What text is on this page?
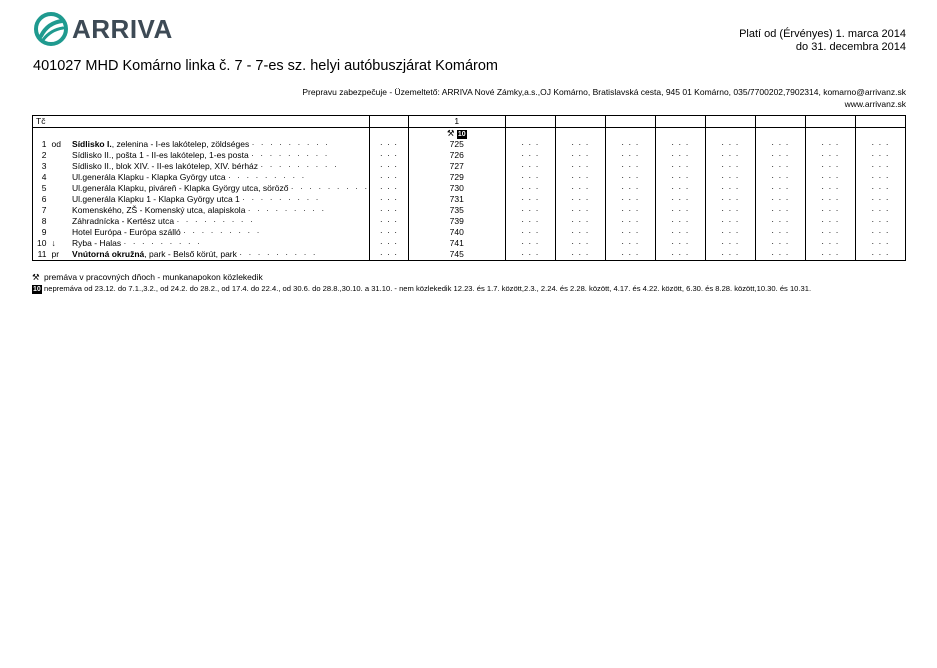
ARRIVA	Platí od (Érvényes) 1. marca 2014
do 31. decembra 2014
401027 MHD Komárno linka č. 7 - 7-es sz. helyi autóbuszjárat Komárom
Prepravu zabezpečuje - Üzemeltető: ARRIVA Nové Zámky,a.s.,OJ Komárno, Bratislavská cesta, 945 01 Komárno, 035/7700202,7902314, komarno@arrivanz.sk
www.arrivanz.sk
Tč				1								
				⚒ 10								
1	od	Sídlisko I., zelenina - I-es lakótelep, zöldséges · · · · · · · · ·	· · ·	725	· · ·	· · ·	· · ·	· · ·	· · ·	· · ·	· · ·	· · ·
2		Sídlisko II., pošta 1 - II-es lakótelep, 1-es posta · · · · · · · · ·	· · ·	726	· · ·	· · ·	· · ·	· · ·	· · ·	· · ·	· · ·	· · ·
3		Sídlisko II., blok XIV. - II-es lakótelep, XIV. bérház · · · · · · · · ·	· · ·	727	· · ·	· · ·	· · ·	· · ·	· · ·	· · ·	· · ·	· · ·
4		Ul.generála Klapku - Klapka György utca · · · · · · · · ·	· · ·	729	· · ·	· · ·	· · ·	· · ·	· · ·	· · ·	· · ·	· · ·
5		Ul.generála Klapku, piváreň - Klapka György utca, söröző · · · · · · · · ·	· · ·	730	· · ·	· · ·	· · ·	· · ·	· · ·	· · ·	· · ·	· · ·
6		Ul.generála Klapku 1 - Klapka György utca 1 · · · · · · · · ·	· · ·	731	· · ·	· · ·	· · ·	· · ·	· · ·	· · ·	· · ·	· · ·
7		Komenského, ZŠ - Komenský utca, alapiskola · · · · · · · · ·	· · ·	735	· · ·	· · ·	· · ·	· · ·	· · ·	· · ·	· · ·	· · ·
8		Záhradnícka - Kertész utca · · · · · · · · ·	· · ·	739	· · ·	· · ·	· · ·	· · ·	· · ·	· · ·	· · ·	· · ·
9		Hotel Európa - Európa szálló · · · · · · · · ·	· · ·	740	· · ·	· · ·	· · ·	· · ·	· · ·	· · ·	· · ·	· · ·
10	↓	Ryba - Halas · · · · · · · · ·	· · ·	741	· · ·	· · ·	· · ·	· · ·	· · ·	· · ·	· · ·	· · ·
11	pr	Vnútorná okružná, park - Belső körút, park · · · · · · · · ·	· · ·	745	· · ·	· · ·	· · ·	· · ·	· · ·	· · ·	· · ·	· · ·
⚒ premáva v pracovných dňoch - munkanapokon közlekedik
10 nepremáva od 23.12. do 7.1.,3.2., od 24.2. do 28.2., od 17.4. do 22.4., od 30.6. do 28.8.,30.10. a 31.10. - nem közlekedik 12.23. és 1.7. között,2.3., 2.24. és 2.28. között, 4.17. és 4.22. között, 6.30. és 8.28. között,10.30. és 10.31.
